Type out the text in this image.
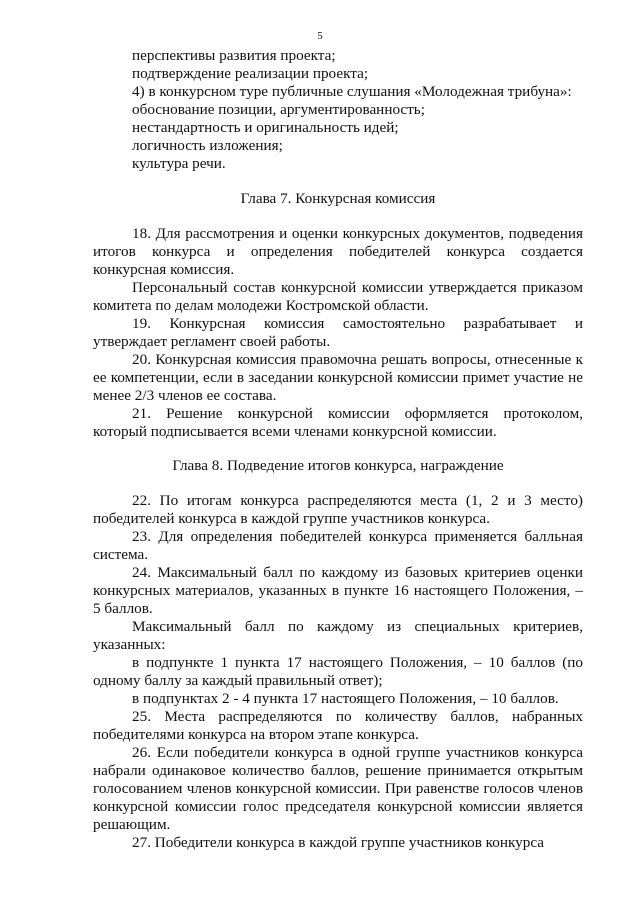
5

перспективы развития проекта;

подтверждение реализации проекта;

4) в конкурсном туре публичные слушания «Молодежная трибуна»:

обоснование позиции, аргументированность;

нестандартность и оригинальность идей;

логичность изложения;

культура речи.

Глава 7. Конкурсная комиссия

18. Для рассмотрения и оценки конкурсных документов, подведения итогов конкурса и определения победителей конкурса создается конкурсная комиссия.

Персональный состав конкурсной комиссии утверждается приказом комитета по делам молодежи Костромской области.

19. Конкурсная комиссия самостоятельно разрабатывает и утверждает регламент своей работы.

20. Конкурсная комиссия правомочна решать вопросы, отнесенные к ее компетенции, если в заседании конкурсной комиссии примет участие не менее 2/3 членов ее состава.

21. Решение конкурсной комиссии оформляется протоколом, который подписывается всеми членами конкурсной комиссии.

Глава 8. Подведение итогов конкурса, награждение

22. По итогам конкурса распределяются места (1, 2 и 3 место) победителей конкурса в каждой группе участников конкурса.

23. Для определения победителей конкурса применяется балльная система.

24. Максимальный балл по каждому из базовых критериев оценки конкурсных материалов, указанных в пункте 16 настоящего Положения, – 5 баллов.

Максимальный балл по каждому из специальных критериев, указанных:

в подпункте 1 пункта 17 настоящего Положения, – 10 баллов (по одному баллу за каждый правильный ответ);

в подпунктах 2 - 4 пункта 17 настоящего Положения, – 10 баллов.

25. Места распределяются по количеству баллов, набранных победителями конкурса на втором этапе конкурса.

26. Если победители конкурса в одной группе участников конкурса набрали одинаковое количество баллов, решение принимается открытым голосованием членов конкурсной комиссии. При равенстве голосов членов конкурсной комиссии голос председателя конкурсной комиссии является решающим.

27. Победители конкурса в каждой группе участников конкурса
